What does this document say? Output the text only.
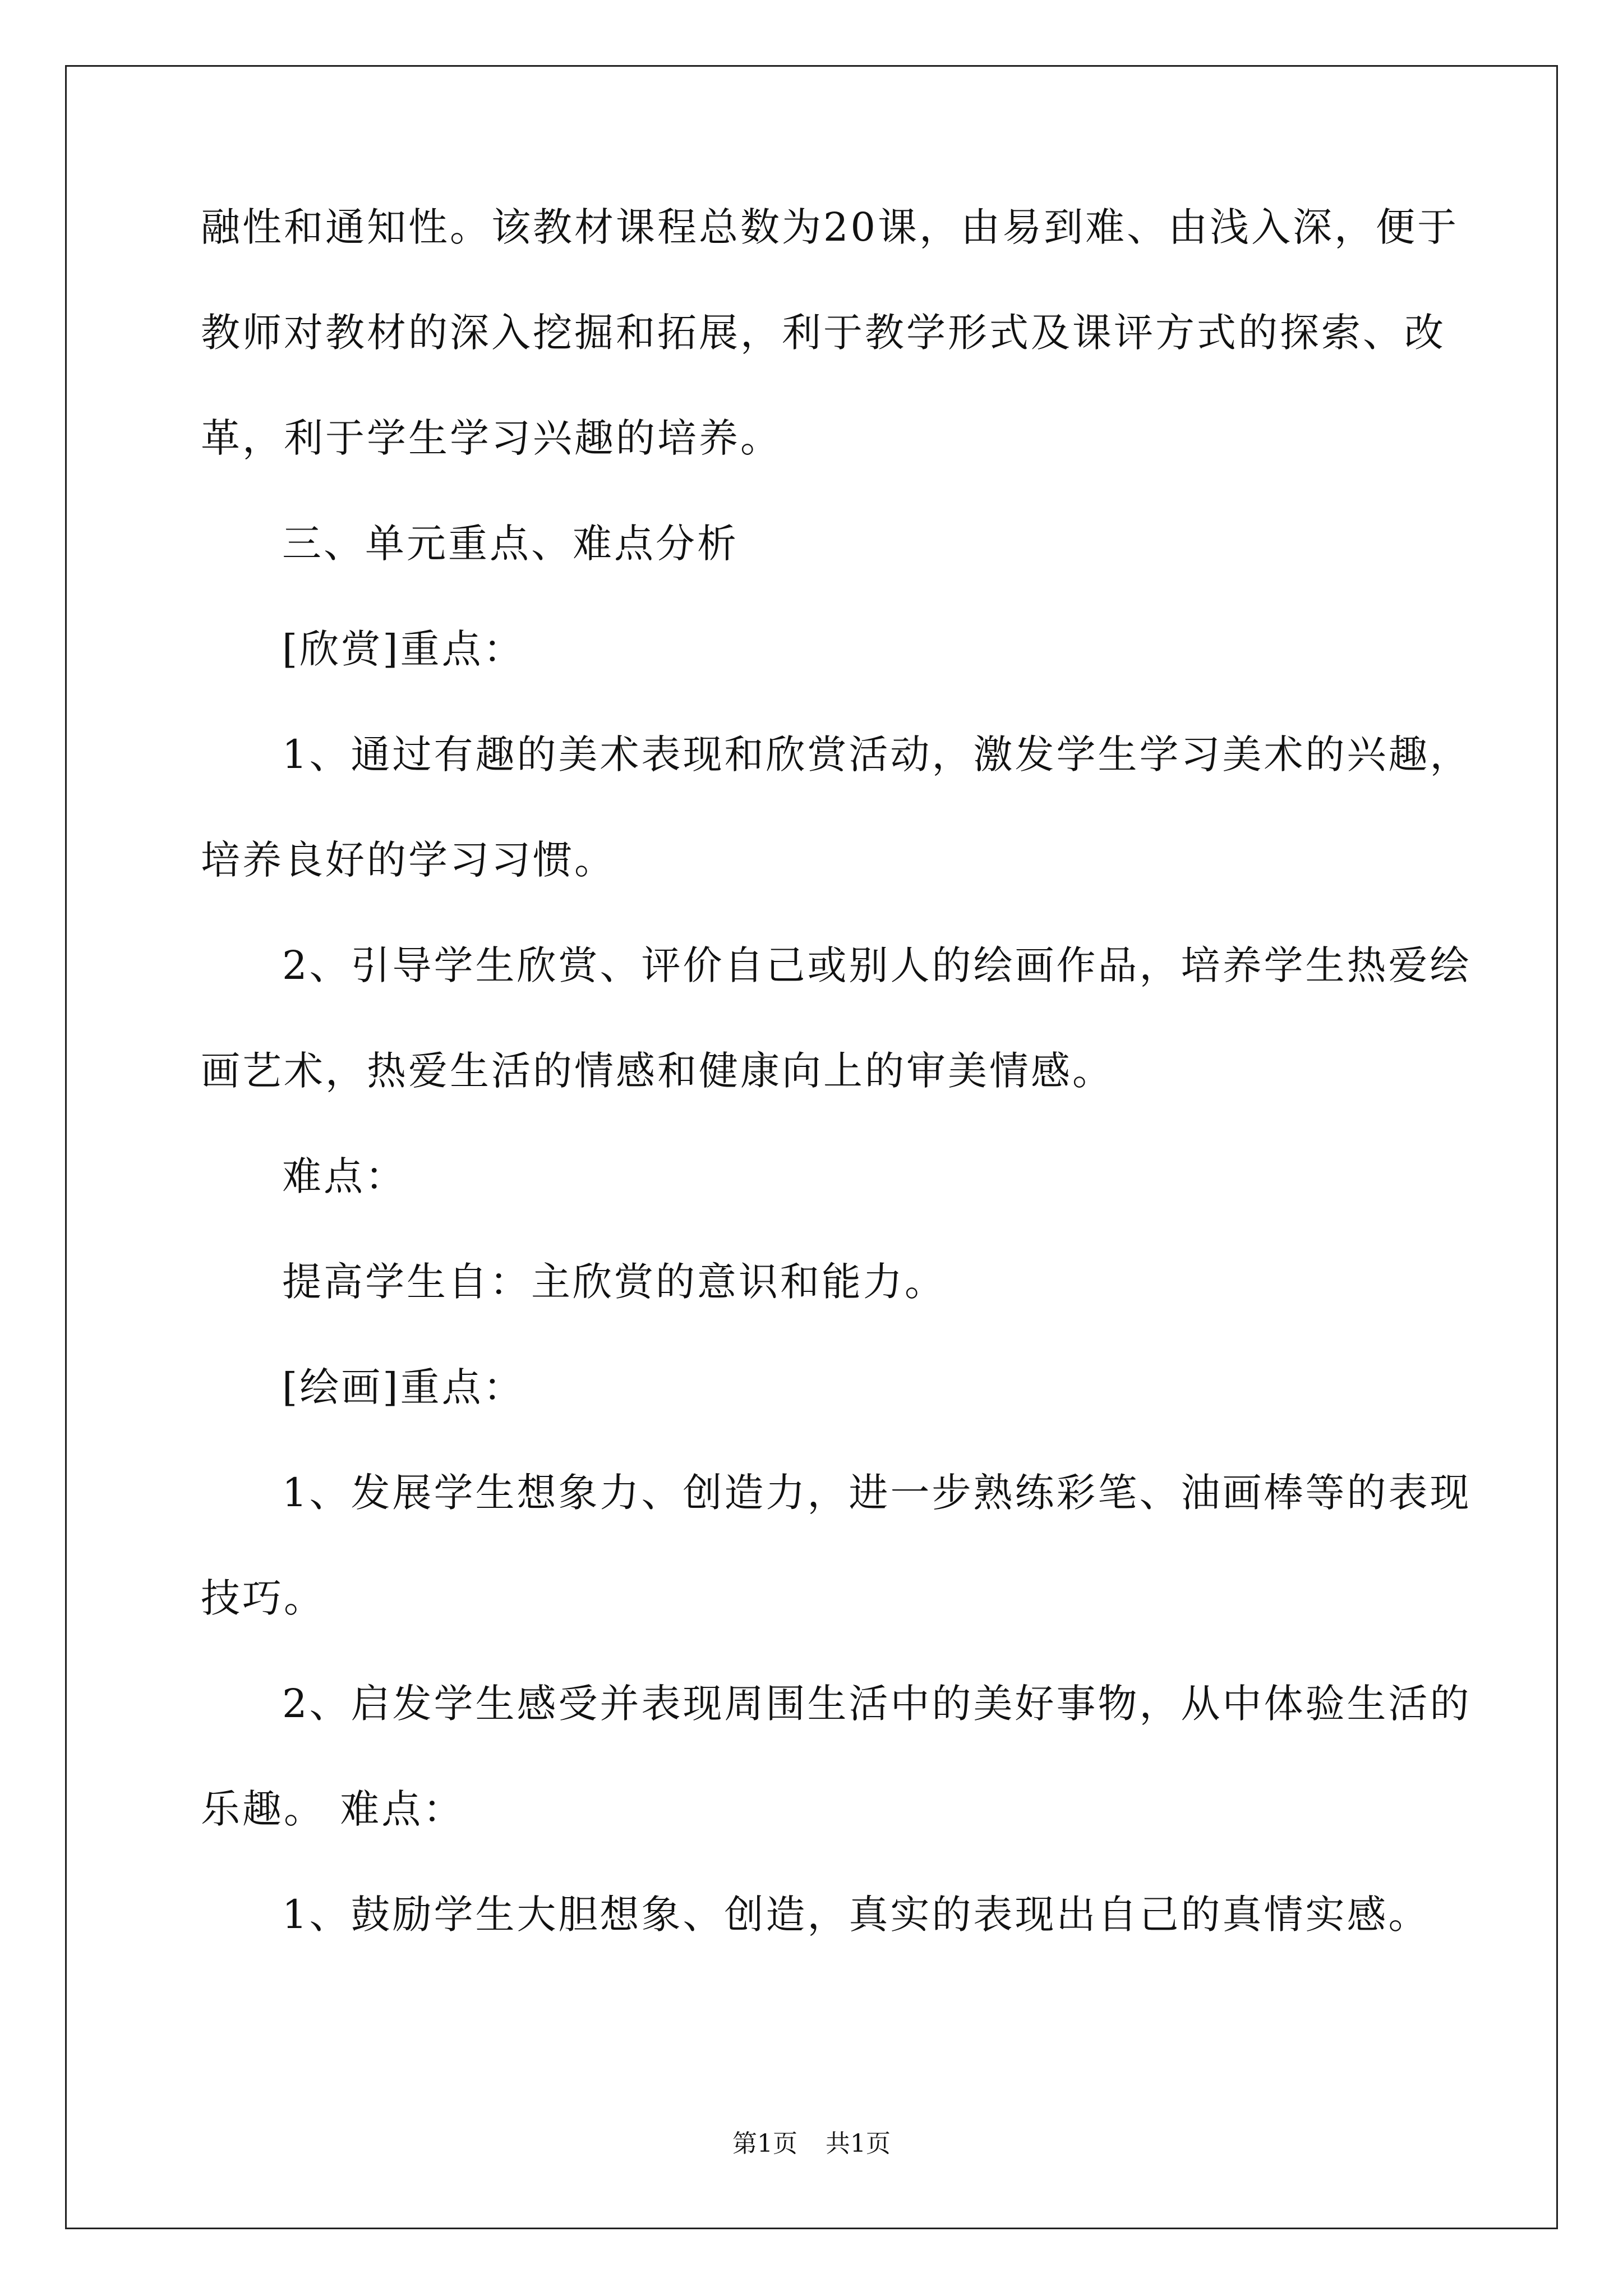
融性和通知性。该教材课程总数为20课，由易到难、由浅入深，便于

教师对教材的深入挖掘和拓展，利于教学形式及课评方式的探索、改

革，利于学生学习兴趣的培养。

三、单元重点、难点分析

[欣赏]重点：

1、通过有趣的美术表现和欣赏活动，激发学生学习美术的兴趣，

培养良好的学习习惯。

2、引导学生欣赏、评价自己或别人的绘画作品，培养学生热爱绘

画艺术，热爱生活的情感和健康向上的审美情感。

难点：

提高学生自：主欣赏的意识和能力。

[绘画]重点：

1、发展学生想象力、创造力，进一步熟练彩笔、油画棒等的表现

技巧。

2、启发学生感受并表现周围生活中的美好事物，从中体验生活的

乐趣。 难点：

1、鼓励学生大胆想象、创造，真实的表现出自己的真情实感。

第1页 共1页
